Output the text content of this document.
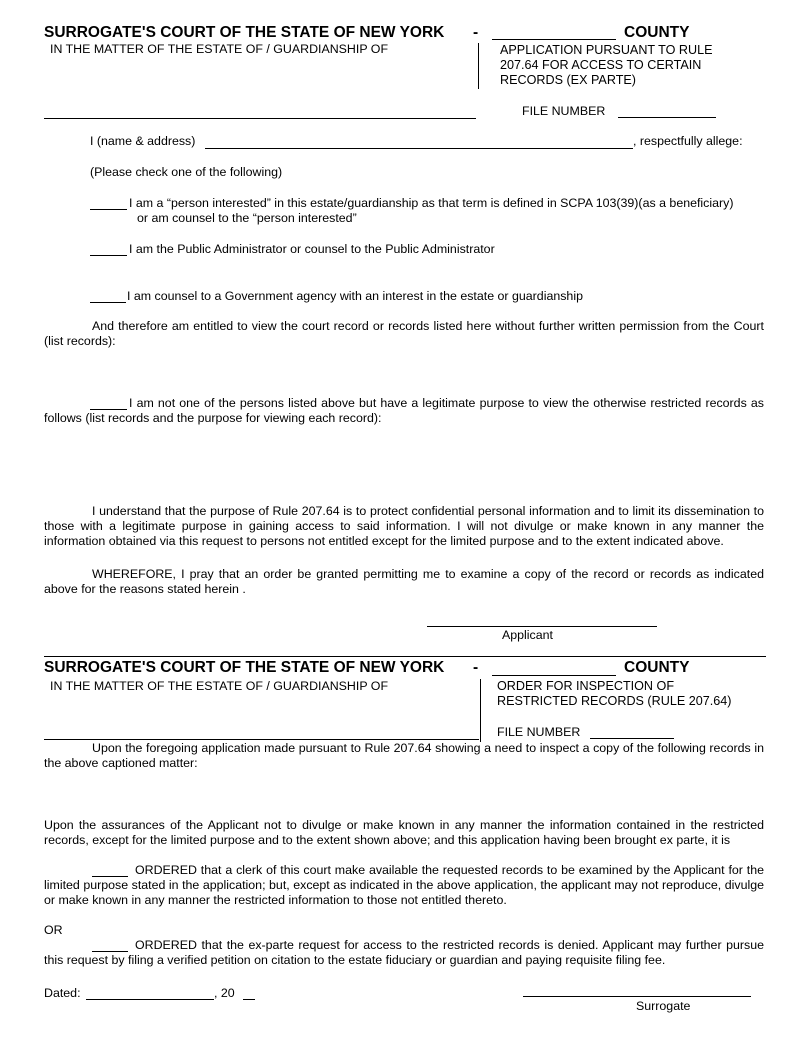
SURROGATE'S COURT OF THE STATE OF NEW YORK -	COUNTY
IN THE MATTER OF THE ESTATE OF / GUARDIANSHIP OF	APPLICATION PURSUANT TO RULE
207.64 FOR ACCESS TO CERTAIN
RECORDS (EX PARTE)
FILE NUMBER
I (name & address)	, respectfully allege:
(Please check one of the following)
I am a “person interested” in this estate/guardianship as that term is defined in SCPA 103(39)(as a beneficiary)
or am counsel to the “person interested”
I am the Public Administrator or counsel to the Public Administrator
I am counsel to a Government agency with an interest in the estate or guardianship
And therefore am entitled to view the court record or records listed here without further written permission from the Court (list records):
I am not one of the persons listed above but have a legitimate purpose to view the otherwise restricted records as follows (list records and the purpose for viewing each record):
I understand that the purpose of Rule 207.64 is to protect confidential personal information and to limit its dissemination to those with a legitimate purpose in gaining access to said information. I will not divulge or make known in any manner the information obtained via this request to persons not entitled except for the limited purpose and to the extent indicated above.
WHEREFORE, I pray that an order be granted permitting me to examine a copy of the record or records as indicated above for the reasons stated herein .
Applicant
SURROGATE'S COURT OF THE STATE OF NEW YORK -	COUNTY
IN THE MATTER OF THE ESTATE OF / GUARDIANSHIP OF	ORDER FOR INSPECTION OF
RESTRICTED RECORDS (RULE 207.64)
FILE NUMBER
Upon the foregoing application made pursuant to Rule 207.64 showing a need to inspect a copy of the following records in the above captioned matter:
Upon the assurances of the Applicant not to divulge or make known in any manner the information contained in the restricted records, except for the limited purpose and to the extent shown above; and this application having been brought ex parte, it is
ORDERED that a clerk of this court make available the requested records to be examined by the Applicant for the limited purpose stated in the application; but, except as indicated in the above application, the applicant may not reproduce, divulge or make known in any manner the restricted information to those not entitled thereto.
OR
ORDERED that the ex-parte request for access to the restricted records is denied. Applicant may further pursue this request by filing a verified petition on citation to the estate fiduciary or guardian and paying requisite filing fee.
Dated:	, 20
Surrogate
